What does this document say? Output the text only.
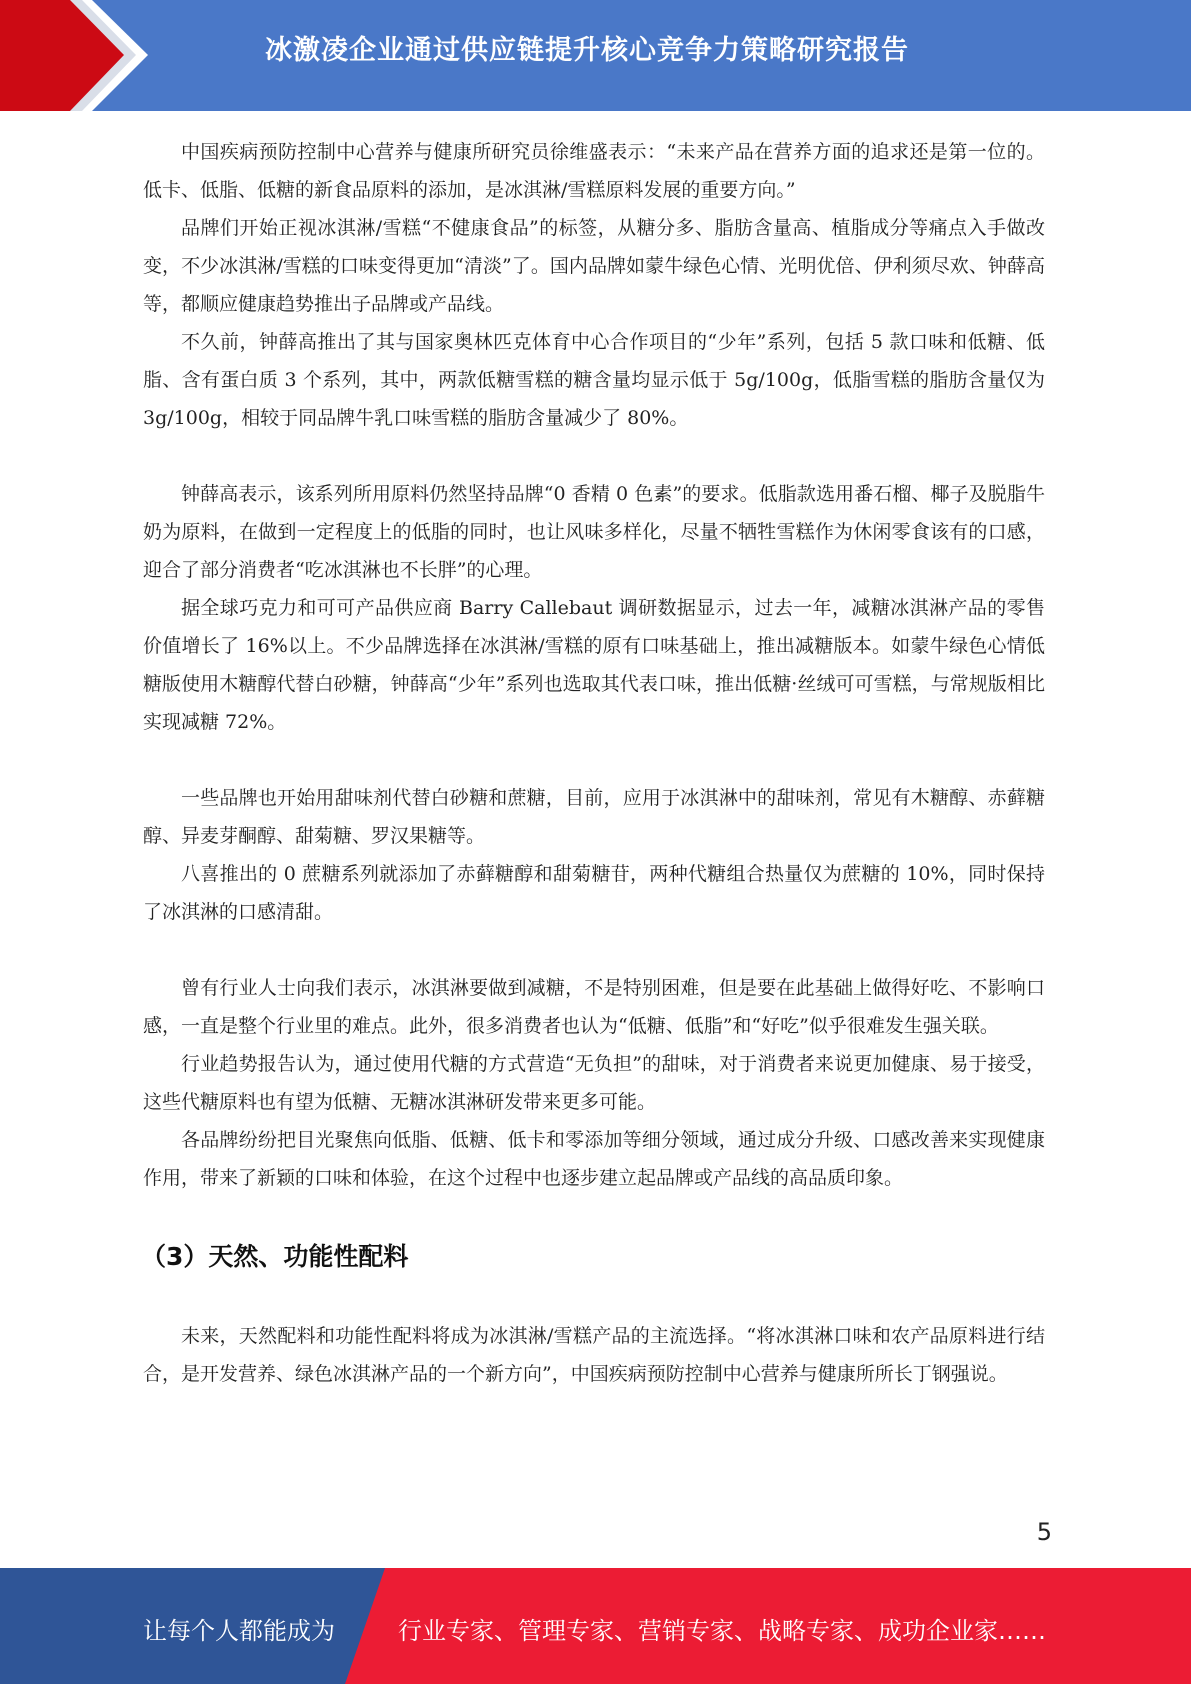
冰激凌企业通过供应链提升核心竞争力策略研究报告

中国疾病预防控制中心营养与健康所研究员徐维盛表示：“未来产品在营养方面的追求还是第一位的。低卡、低脂、低糖的新食品原料的添加，是冰淇淋/雪糕原料发展的重要方向。”

品牌们开始正视冰淇淋/雪糕“不健康食品”的标签，从糖分多、脂肪含量高、植脂成分等痛点入手做改变，不少冰淇淋/雪糕的口味变得更加“清淡”了。国内品牌如蒙牛绿色心情、光明优倍、伊利须尽欢、钟薛高等，都顺应健康趋势推出子品牌或产品线。

不久前，钟薛高推出了其与国家奥林匹克体育中心合作项目的“少年”系列，包括 5 款口味和低糖、低脂、含有蛋白质 3 个系列，其中，两款低糖雪糕的糖含量均显示低于 5g/100g，低脂雪糕的脂肪含量仅为 3g/100g，相较于同品牌牛乳口味雪糕的脂肪含量减少了 80%。

钟薛高表示，该系列所用原料仍然坚持品牌“0 香精 0 色素”的要求。低脂款选用番石榴、椰子及脱脂牛奶为原料，在做到一定程度上的低脂的同时，也让风味多样化，尽量不牺牲雪糕作为休闲零食该有的口感，迎合了部分消费者“吃冰淇淋也不长胖”的心理。

据全球巧克力和可可产品供应商 Barry Callebaut 调研数据显示，过去一年，减糖冰淇淋产品的零售价值增长了 16%以上。不少品牌选择在冰淇淋/雪糕的原有口味基础上，推出减糖版本。如蒙牛绿色心情低糖版使用木糖醇代替白砂糖，钟薛高“少年”系列也选取其代表口味，推出低糖·丝绒可可雪糕，与常规版相比实现减糖 72%。

一些品牌也开始用甜味剂代替白砂糖和蔗糖，目前，应用于冰淇淋中的甜味剂，常见有木糖醇、赤藓糖醇、异麦芽酮醇、甜菊糖、罗汉果糖等。

八喜推出的 0 蔗糖系列就添加了赤藓糖醇和甜菊糖苷，两种代糖组合热量仅为蔗糖的 10%，同时保持了冰淇淋的口感清甜。

曾有行业人士向我们表示，冰淇淋要做到减糖，不是特别困难，但是要在此基础上做得好吃、不影响口感，一直是整个行业里的难点。此外，很多消费者也认为“低糖、低脂”和“好吃”似乎很难发生强关联。

行业趋势报告认为，通过使用代糖的方式营造“无负担”的甜味，对于消费者来说更加健康、易于接受，这些代糖原料也有望为低糖、无糖冰淇淋研发带来更多可能。

各品牌纷纷把目光聚焦向低脂、低糖、低卡和零添加等细分领域，通过成分升级、口感改善来实现健康作用，带来了新颖的口味和体验，在这个过程中也逐步建立起品牌或产品线的高品质印象。

（3）天然、功能性配料

未来，天然配料和功能性配料将成为冰淇淋/雪糕产品的主流选择。“将冰淇淋口味和农产品原料进行结合，是开发营养、绿色冰淇淋产品的一个新方向”，中国疾病预防控制中心营养与健康所所长丁钢强说。

5
让每个人都能成为	行业专家、管理专家、营销专家、战略专家、成功企业家……
